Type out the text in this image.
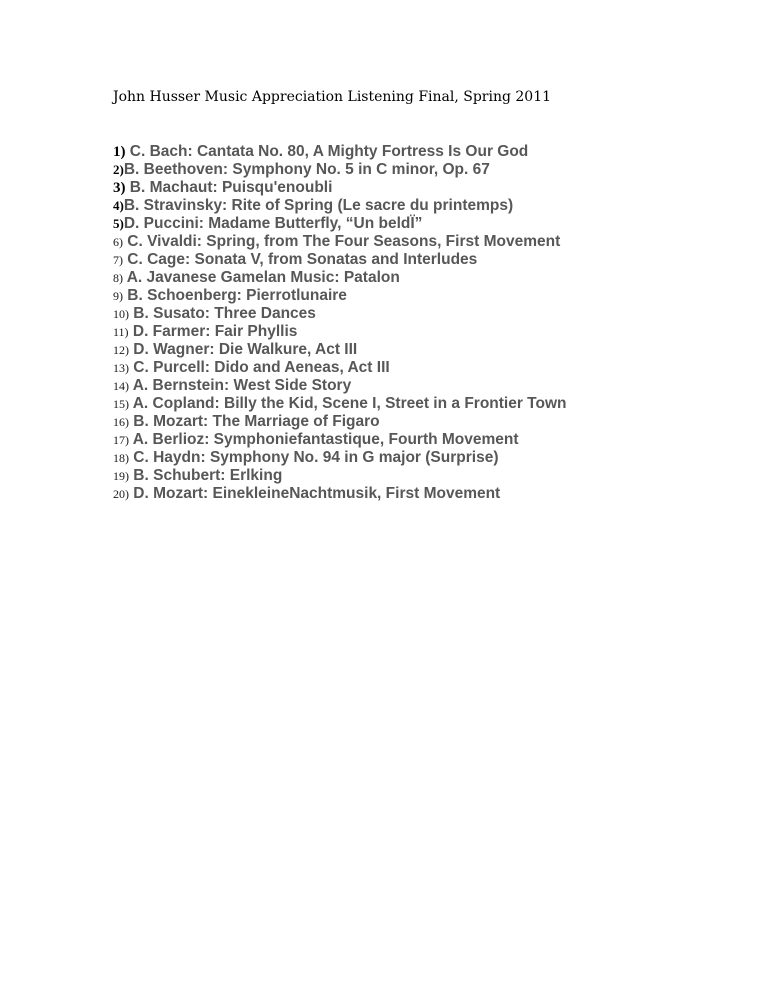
John Husser Music Appreciation Listening Final, Spring 2011
1) C. Bach: Cantata No. 80, A Mighty Fortress Is Our God
2)B. Beethoven: Symphony No. 5 in C minor, Op. 67
3) B. Machaut: Puisqu'enoubli
4)B. Stravinsky: Rite of Spring (Le sacre du printemps)
5)D. Puccini: Madame Butterfly, “Un beldÏ”
6) C. Vivaldi: Spring, from The Four Seasons, First Movement
7) C. Cage: Sonata V, from Sonatas and Interludes
8) A. Javanese Gamelan Music: Patalon
9) B. Schoenberg: Pierrotlunaire
10) B. Susato: Three Dances
11) D. Farmer: Fair Phyllis
12) D. Wagner: Die Walkure, Act III
13) C. Purcell: Dido and Aeneas, Act III
14) A. Bernstein: West Side Story
15) A. Copland: Billy the Kid, Scene I, Street in a Frontier Town
16) B. Mozart: The Marriage of Figaro
17) A. Berlioz: Symphoniefantastique, Fourth Movement
18) C. Haydn: Symphony No. 94 in G major (Surprise)
19) B. Schubert: Erlking
20) D. Mozart: EinekleineNachtmusik, First Movement
